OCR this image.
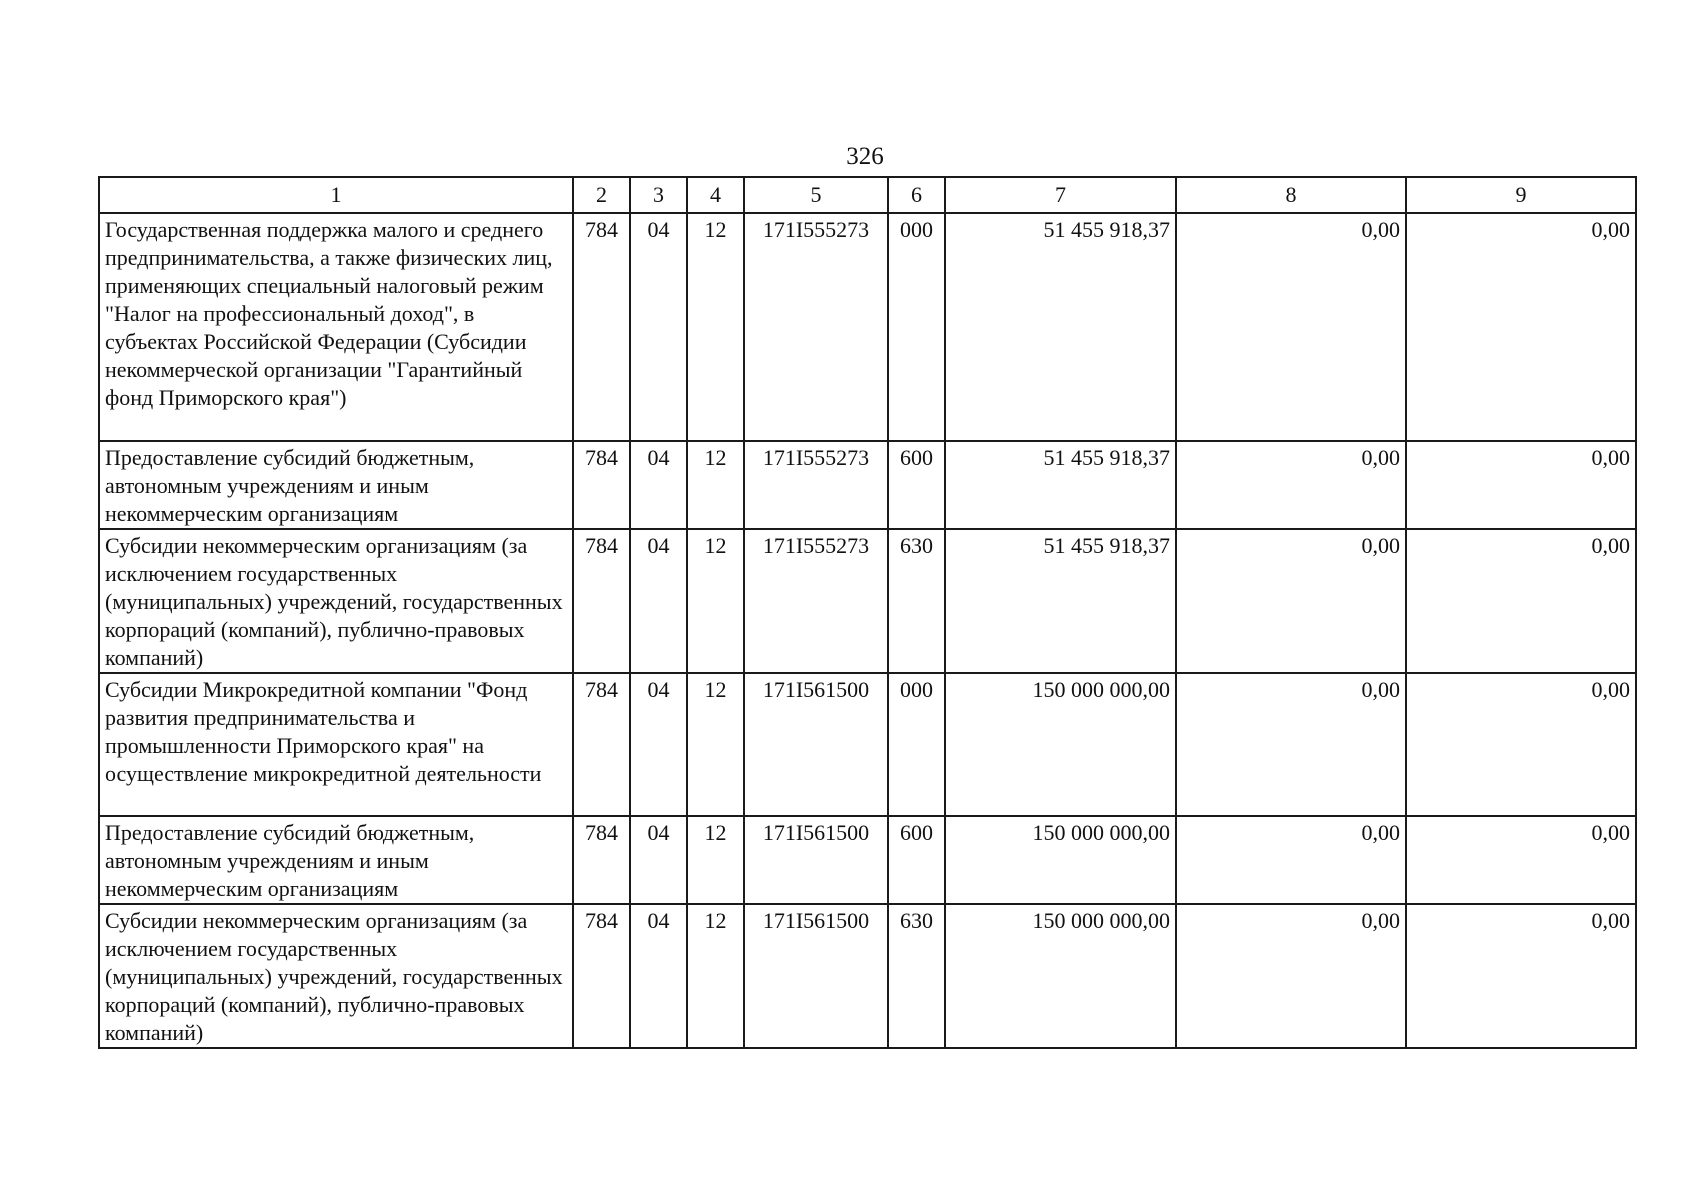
326
1	2	3	4	5	6	7	8	9
Государственная поддержка малого и среднего предпринимательства, а также физических лиц, применяющих специальный налоговый режим "Налог на профессиональный доход", в субъектах Российской Федерации (Субсидии некоммерческой организации "Гарантийный фонд Приморского края")	784	04	12	171I555273	000	51 455 918,37	0,00	0,00
Предоставление субсидий бюджетным, автономным учреждениям и иным некоммерческим организациям	784	04	12	171I555273	600	51 455 918,37	0,00	0,00
Субсидии некоммерческим организациям (за исключением государственных (муниципальных) учреждений, государственных корпораций (компаний), публично-правовых компаний)	784	04	12	171I555273	630	51 455 918,37	0,00	0,00
Субсидии Микрокредитной компании "Фонд развития предпринимательства и промышленности Приморского края" на осуществление микрокредитной деятельности	784	04	12	171I561500	000	150 000 000,00	0,00	0,00
Предоставление субсидий бюджетным, автономным учреждениям и иным некоммерческим организациям	784	04	12	171I561500	600	150 000 000,00	0,00	0,00
Субсидии некоммерческим организациям (за исключением государственных (муниципальных) учреждений, государственных корпораций (компаний), публично-правовых компаний)	784	04	12	171I561500	630	150 000 000,00	0,00	0,00
